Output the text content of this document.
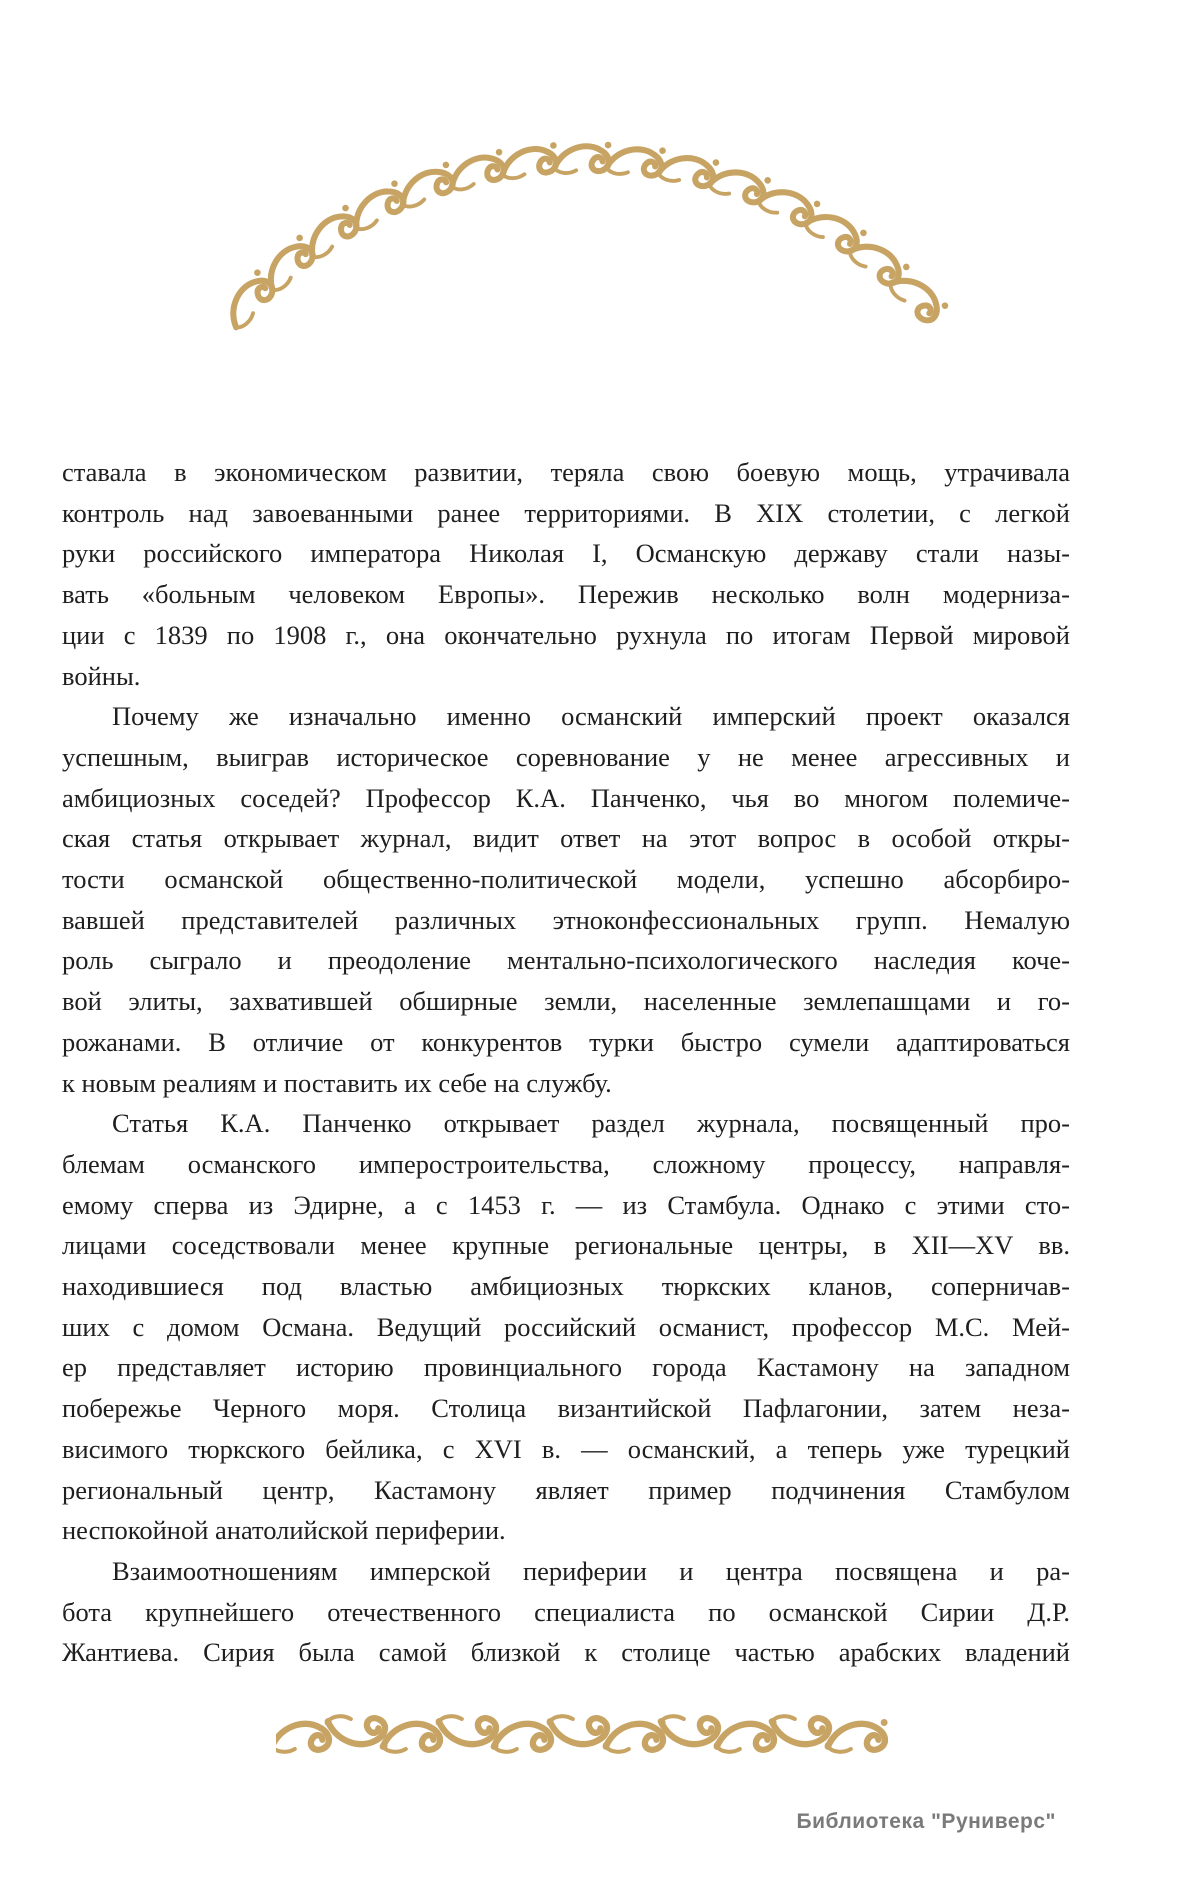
ставала в экономическом развитии, теряла свою боевую мощь, утрачивала
контроль над завоеванными ранее территориями. В XIX столетии, с легкой
руки российского императора Николая I, Османскую державу стали назы-
вать «больным человеком Европы». Пережив несколько волн модерниза-
ции с 1839 по 1908 г., она окончательно рухнула по итогам Первой мировой
войны.

Почему же изначально именно османский имперский проект оказался
успешным, выиграв историческое соревнование у не менее агрессивных и
амбициозных соседей? Профессор К.А. Панченко, чья во многом полемиче-
ская статья открывает журнал, видит ответ на этот вопрос в особой откры-
тости османской общественно-политической модели, успешно абсорбиро-
вавшей представителей различных этноконфессиональных групп. Немалую
роль сыграло и преодоление ментально-психологического наследия коче-
вой элиты, захватившей обширные земли, населенные землепашцами и го-
рожанами. В отличие от конкурентов турки быстро сумели адаптироваться
к новым реалиям и поставить их себе на службу.

Статья К.А. Панченко открывает раздел журнала, посвященный про-
блемам османского имперостроительства, сложному процессу, направля-
емому сперва из Эдирне, а с 1453 г. — из Стамбула. Однако с этими сто-
лицами соседствовали менее крупные региональные центры, в XII—XV вв.
находившиеся под властью амбициозных тюркских кланов, соперничав-
ших с домом Османа. Ведущий российский османист, профессор М.С. Мей-
ер представляет историю провинциального города Кастамону на западном
побережье Черного моря. Столица византийской Пафлагонии, затем неза-
висимого тюркского бейлика, с XVI в. — османский, а теперь уже турецкий
региональный центр, Кастамону являет пример подчинения Стамбулом
неспокойной анатолийской периферии.

Взаимоотношениям имперской периферии и центра посвящена и ра-
бота крупнейшего отечественного специалиста по османской Сирии Д.Р.
Жантиева. Сирия была самой близкой к столице частью арабских владений

Библиотека "Руниверс"
